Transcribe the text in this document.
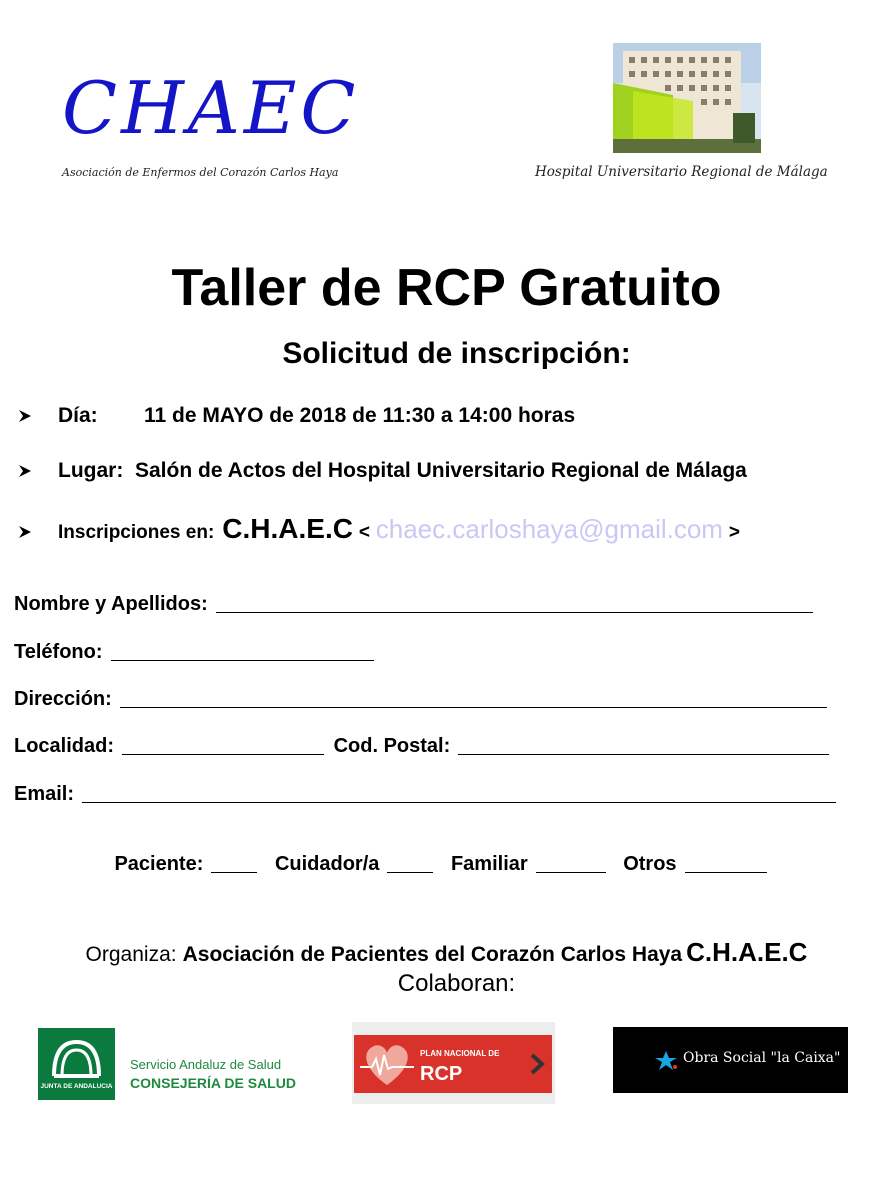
CHAEC
Asociación de Enfermos del Corazón Carlos Haya	Hospital Universitario Regional de Málaga
Taller de RCP Gratuito
Solicitud de inscripción:
Día: 11 de MAYO de 2018 de 11:30 a 14:00 horas
Lugar: Salón de Actos del Hospital Universitario Regional de Málaga
Inscripciones en: C.H.A.E.C < chaec.carloshaya@gmail.com >
Nombre y Apellidos:
Teléfono:
Dirección:
Localidad:	Cod. Postal:
Email:
Paciente:	Cuidador/a	Familiar	Otros
Organiza: Asociación de Pacientes del Corazón Carlos Haya C.H.A.E.C
Colaboran:
JUNTA DE ANDALUCIA
Servicio Andaluz de Salud
CONSEJERÍA DE SALUD
PLAN NACIONAL DE
RCP
Obra Social "la Caixa"
